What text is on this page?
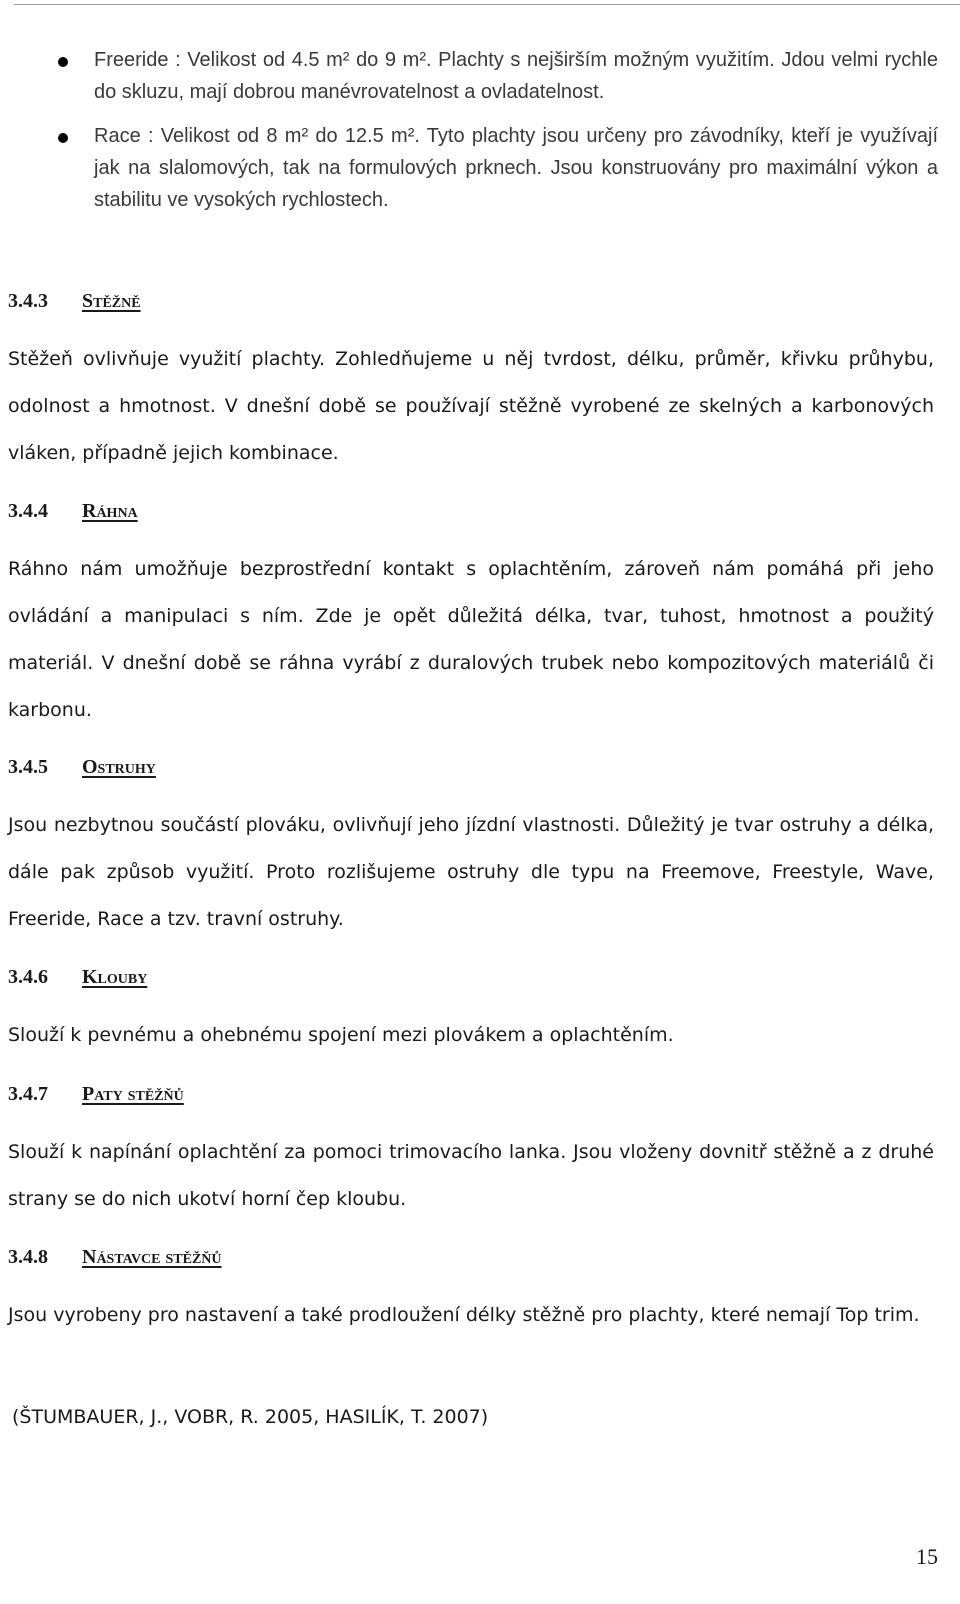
Freeride : Velikost od 4.5 m² do 9 m². Plachty s nejširším možným využitím. Jdou velmi rychle do skluzu, mají dobrou manévrovatelnost a ovladatelnost.
Race : Velikost od 8 m² do 12.5 m². Tyto plachty jsou určeny pro závodníky, kteří je využívají jak na slalomových, tak na formulových prknech. Jsou konstruovány pro maximální výkon a stabilitu ve vysokých rychlostech.
3.4.3 Stěžně
Stěžeň ovlivňuje využití plachty. Zohledňujeme u něj tvrdost, délku, průměr, křivku průhybu, odolnost a hmotnost. V dnešní době se používají stěžně vyrobené ze skelných a karbonových vláken, případně jejich kombinace.
3.4.4 Ráhna
Ráhno nám umožňuje bezprostřední kontakt s oplachtěním, zároveň nám pomáhá při jeho ovládání a manipulaci s ním. Zde je opět důležitá délka, tvar, tuhost, hmotnost a použitý materiál. V dnešní době se ráhna vyrábí z duralových trubek nebo kompozitových materiálů či karbonu.
3.4.5 Ostruhy
Jsou nezbytnou součástí plováku, ovlivňují jeho jízdní vlastnosti. Důležitý je tvar ostruhy a délka, dále pak způsob využití. Proto rozlišujeme ostruhy dle typu na Freemove, Freestyle, Wave, Freeride, Race a tzv. travní ostruhy.
3.4.6 Klouby
Slouží k pevnému a ohebnému spojení mezi plovákem a oplachtěním.
3.4.7 Paty stěžňů
Slouží k napínání oplachtění za pomoci trimovacího lanka. Jsou vloženy dovnitř stěžně a z druhé strany se do nich ukotví horní čep kloubu.
3.4.8 Nástavce stěžňů
Jsou vyrobeny pro nastavení a také prodloužení délky stěžně pro plachty, které nemají Top trim.
(ŠTUMBAUER, J., VOBR, R. 2005, HASILÍK, T. 2007)
15
